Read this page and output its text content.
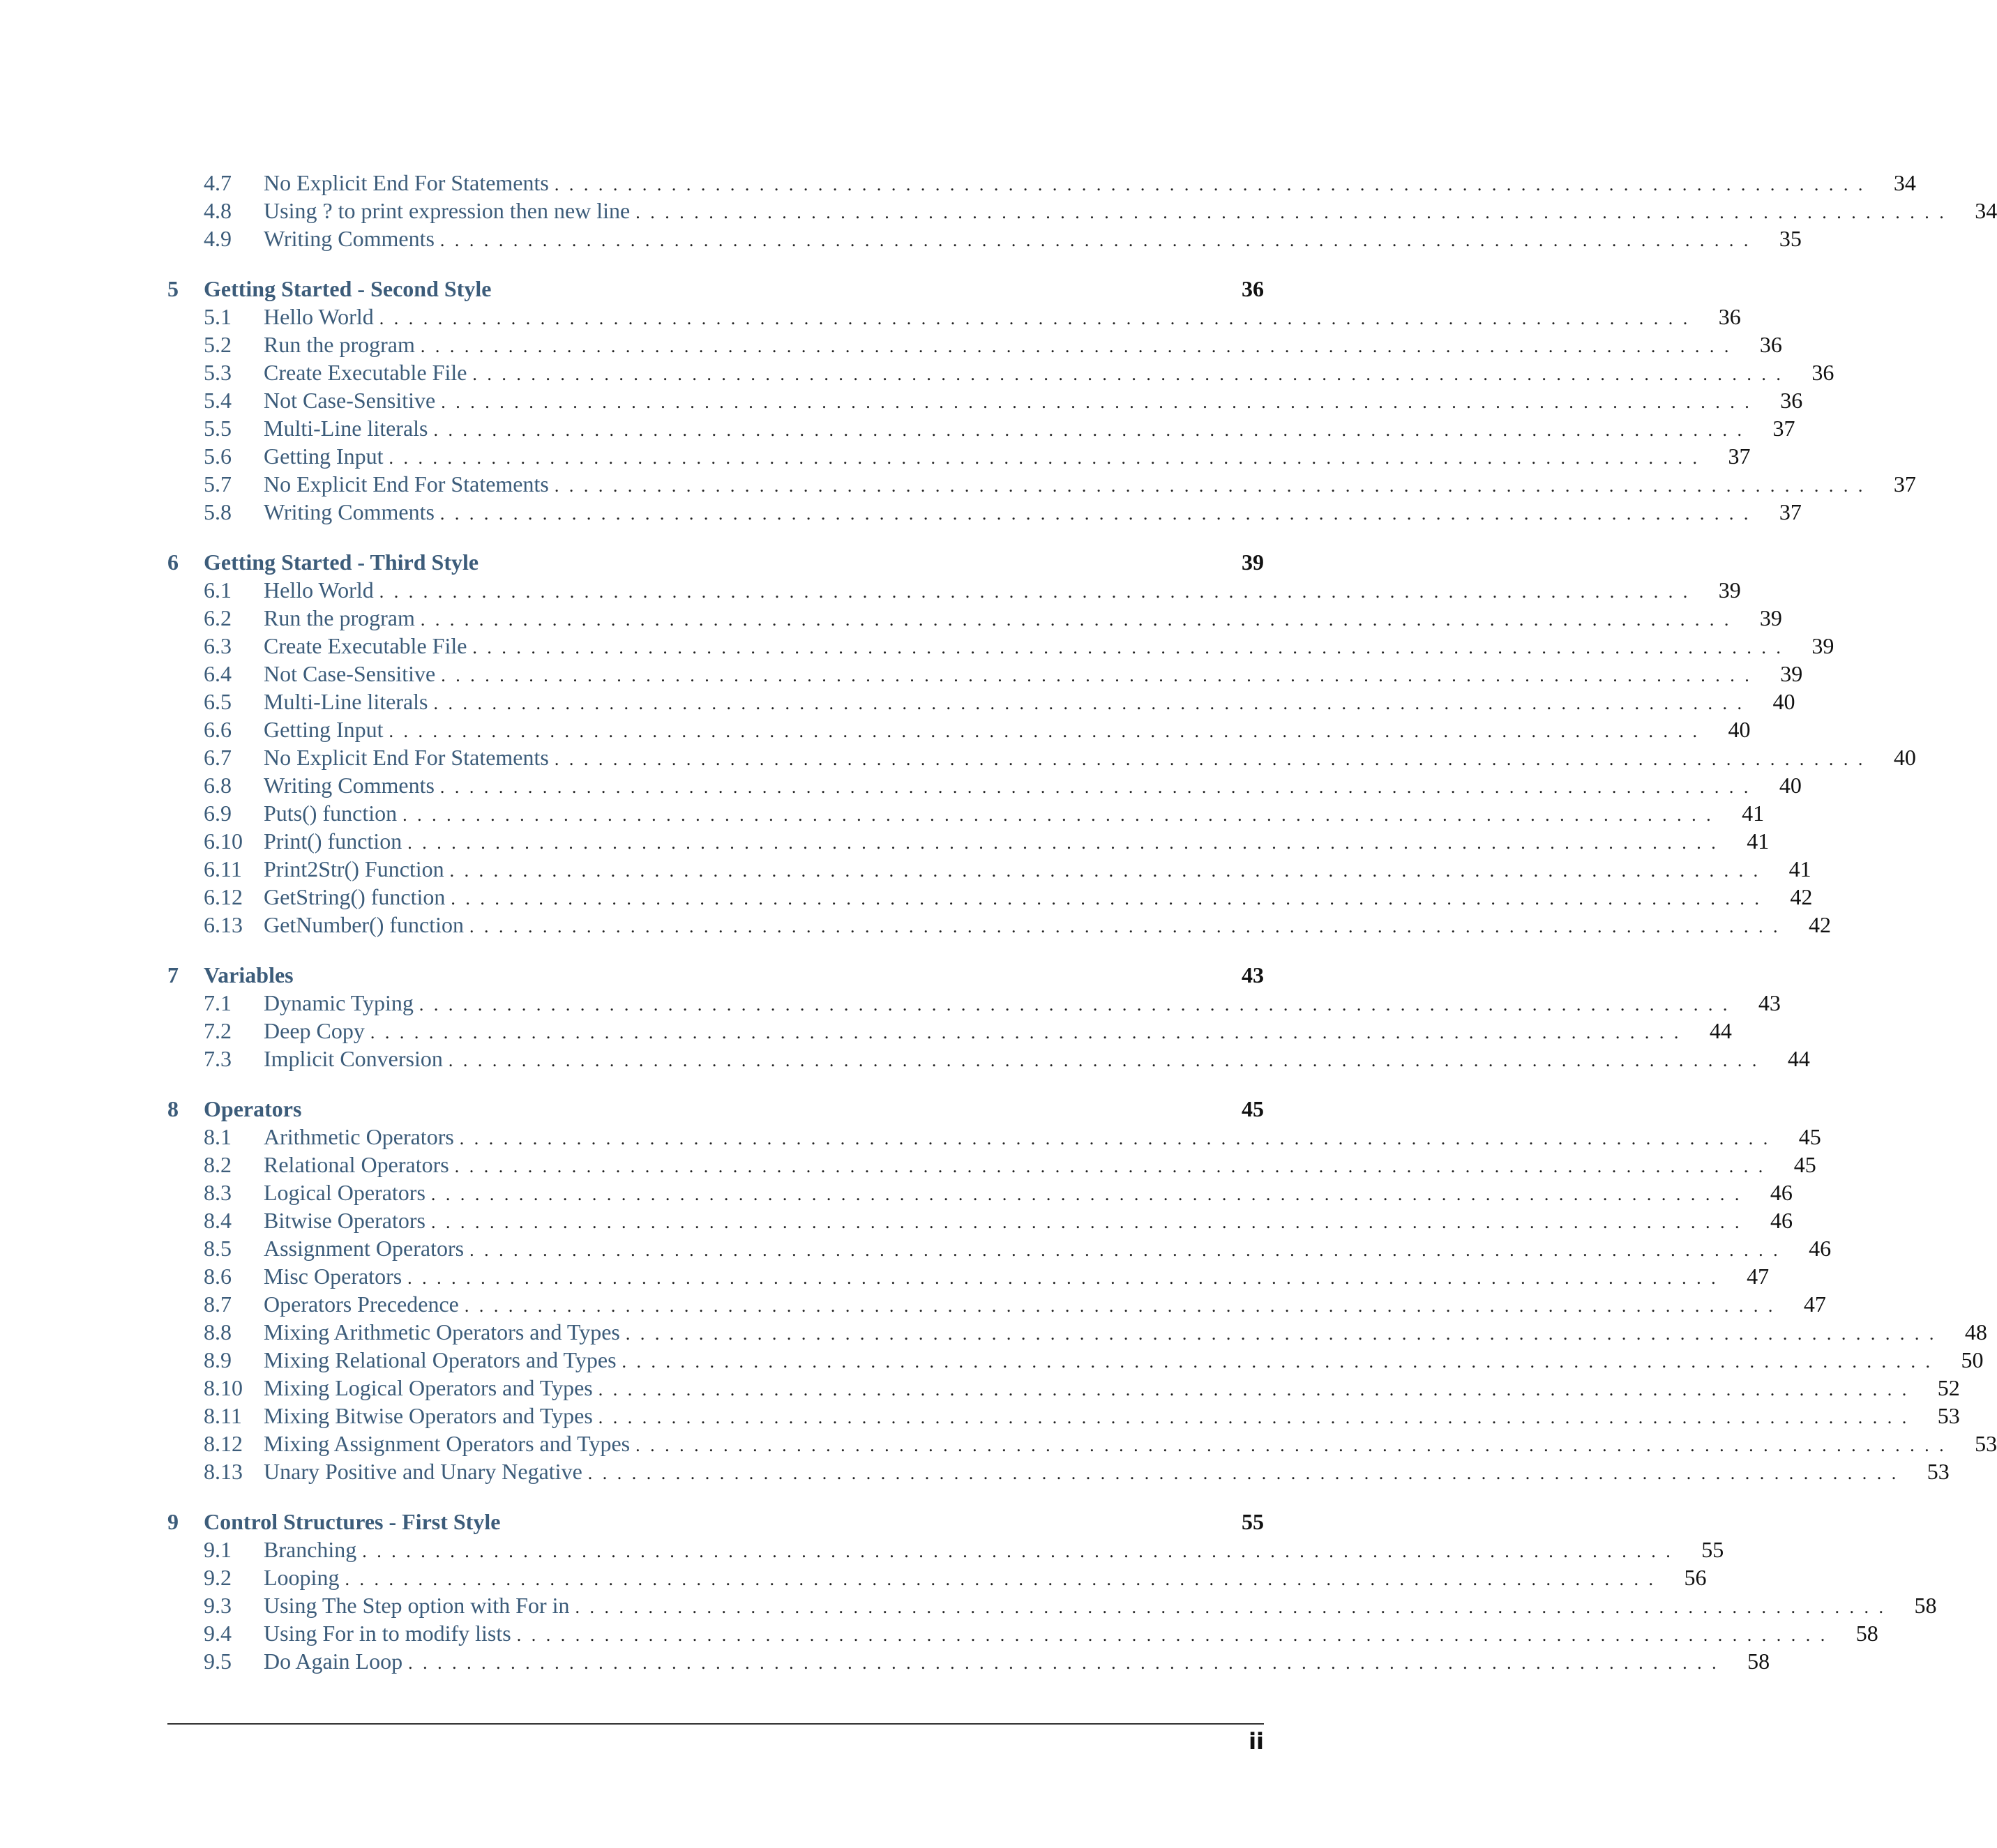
4.7	No Explicit End For Statements .......................................................................................... 34
4.8	Using ? to print expression then new line .......................................................................................... 34
4.9	Writing Comments .......................................................................................... 35
5	Getting Started - Second Style	36
5.1	Hello World .......................................................................................... 36
5.2	Run the program .......................................................................................... 36
5.3	Create Executable File .......................................................................................... 36
5.4	Not Case-Sensitive .......................................................................................... 36
5.5	Multi-Line literals .......................................................................................... 37
5.6	Getting Input .......................................................................................... 37
5.7	No Explicit End For Statements .......................................................................................... 37
5.8	Writing Comments .......................................................................................... 37
6	Getting Started - Third Style	39
6.1	Hello World .......................................................................................... 39
6.2	Run the program .......................................................................................... 39
6.3	Create Executable File .......................................................................................... 39
6.4	Not Case-Sensitive .......................................................................................... 39
6.5	Multi-Line literals .......................................................................................... 40
6.6	Getting Input .......................................................................................... 40
6.7	No Explicit End For Statements .......................................................................................... 40
6.8	Writing Comments .......................................................................................... 40
6.9	Puts() function .......................................................................................... 41
6.10 Print() function .......................................................................................... 41
6.11 Print2Str() Function .......................................................................................... 41
6.12 GetString() function .......................................................................................... 42
6.13 GetNumber() function .......................................................................................... 42
7	Variables	43
7.1	Dynamic Typing .......................................................................................... 43
7.2	Deep Copy .......................................................................................... 44
7.3	Implicit Conversion .......................................................................................... 44
8	Operators	45
8.1	Arithmetic Operators .......................................................................................... 45
8.2	Relational Operators .......................................................................................... 45
8.3	Logical Operators .......................................................................................... 46
8.4	Bitwise Operators .......................................................................................... 46
8.5	Assignment Operators .......................................................................................... 46
8.6	Misc Operators .......................................................................................... 47
8.7	Operators Precedence .......................................................................................... 47
8.8	Mixing Arithmetic Operators and Types .......................................................................................... 48
8.9	Mixing Relational Operators and Types .......................................................................................... 50
8.10 Mixing Logical Operators and Types .......................................................................................... 52
8.11 Mixing Bitwise Operators and Types .......................................................................................... 53
8.12 Mixing Assignment Operators and Types .......................................................................................... 53
8.13 Unary Positive and Unary Negative .......................................................................................... 53
9	Control Structures - First Style	55
9.1	Branching .......................................................................................... 55
9.2	Looping .......................................................................................... 56
9.3	Using The Step option with For in .......................................................................................... 58
9.4	Using For in to modify lists .......................................................................................... 58
9.5	Do Again Loop .......................................................................................... 58
ii
